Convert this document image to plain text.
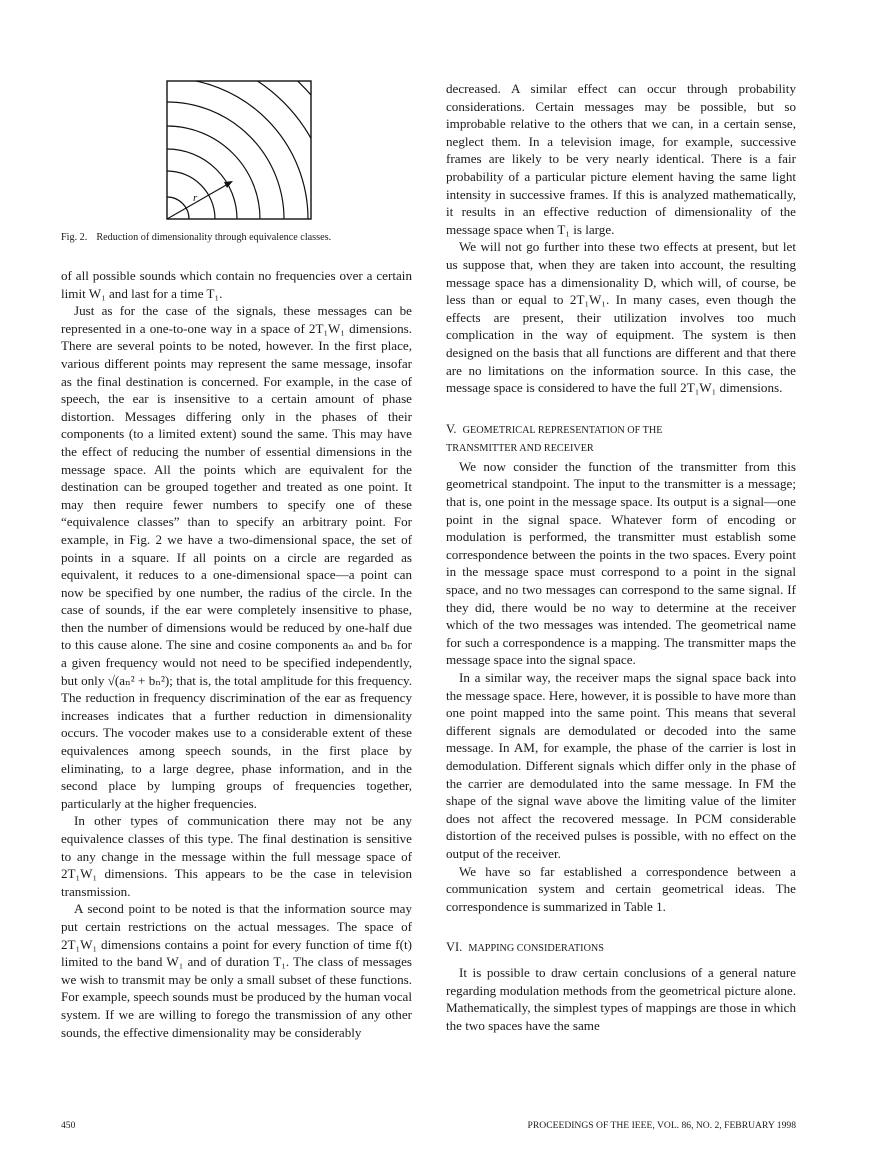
r
Fig. 2. Reduction of dimensionality through equivalence classes.

of all possible sounds which contain no frequencies over a certain limit W₁ and last for a time T₁.

Just as for the case of the signals, these messages can be represented in a one-to-one way in a space of 2T₁W₁ dimensions. There are several points to be noted, however. In the first place, various different points may represent the same message, insofar as the final destination is concerned. For example, in the case of speech, the ear is insensitive to a certain amount of phase distortion. Messages differing only in the phases of their components (to a limited extent) sound the same. This may have the effect of reducing the number of essential dimensions in the message space. All the points which are equivalent for the destination can be grouped together and treated as one point. It may then require fewer numbers to specify one of these “equivalence classes” than to specify an arbitrary point. For example, in Fig. 2 we have a two-dimensional space, the set of points in a square. If all points on a circle are regarded as equivalent, it reduces to a one-dimensional space—a point can now be specified by one number, the radius of the circle. In the case of sounds, if the ear were completely insensitive to phase, then the number of dimensions would be reduced by one-half due to this cause alone. The sine and cosine components aₙ and bₙ for a given frequency would not need to be specified independently, but only √(aₙ² + bₙ²); that is, the total amplitude for this frequency. The reduction in frequency discrimination of the ear as frequency increases indicates that a further reduction in dimensionality occurs. The vocoder makes use to a considerable extent of these equivalences among speech sounds, in the first place by eliminating, to a large degree, phase information, and in the second place by lumping groups of frequencies together, particularly at the higher frequencies.

In other types of communication there may not be any equivalence classes of this type. The final destination is sensitive to any change in the message within the full message space of 2T₁W₁ dimensions. This appears to be the case in television transmission.

A second point to be noted is that the information source may put certain restrictions on the actual messages. The space of 2T₁W₁ dimensions contains a point for every function of time f(t) limited to the band W₁ and of duration T₁. The class of messages we wish to transmit may be only a small subset of these functions. For example, speech sounds must be produced by the human vocal system. If we are willing to forego the transmission of any other sounds, the effective dimensionality may be considerably

decreased. A similar effect can occur through probability considerations. Certain messages may be possible, but so improbable relative to the others that we can, in a certain sense, neglect them. In a television image, for example, successive frames are likely to be very nearly identical. There is a fair probability of a particular picture element having the same light intensity in successive frames. If this is analyzed mathematically, it results in an effective reduction of dimensionality of the message space when T₁ is large.

We will not go further into these two effects at present, but let us suppose that, when they are taken into account, the resulting message space has a dimensionality D, which will, of course, be less than or equal to 2T₁W₁. In many cases, even though the effects are present, their utilization involves too much complication in the way of equipment. The system is then designed on the basis that all functions are different and that there are no limitations on the information source. In this case, the message space is considered to have the full 2T₁W₁ dimensions.

V. GEOMETRICAL REPRESENTATION OF THE
TRANSMITTER AND RECEIVER

We now consider the function of the transmitter from this geometrical standpoint. The input to the transmitter is a message; that is, one point in the message space. Its output is a signal—one point in the signal space. Whatever form of encoding or modulation is performed, the transmitter must establish some correspondence between the points in the two spaces. Every point in the message space must correspond to a point in the signal space, and no two messages can correspond to the same signal. If they did, there would be no way to determine at the receiver which of the two messages was intended. The geometrical name for such a correspondence is a mapping. The transmitter maps the message space into the signal space.

In a similar way, the receiver maps the signal space back into the message space. Here, however, it is possible to have more than one point mapped into the same point. This means that several different signals are demodulated or decoded into the same message. In AM, for example, the phase of the carrier is lost in demodulation. Different signals which differ only in the phase of the carrier are demodulated into the same message. In FM the shape of the signal wave above the limiting value of the limiter does not affect the recovered message. In PCM considerable distortion of the received pulses is possible, with no effect on the output of the receiver.

We have so far established a correspondence between a communication system and certain geometrical ideas. The correspondence is summarized in Table 1.

VI. MAPPING CONSIDERATIONS

It is possible to draw certain conclusions of a general nature regarding modulation methods from the geometrical picture alone. Mathematically, the simplest types of mappings are those in which the two spaces have the same

450	PROCEEDINGS OF THE IEEE, VOL. 86, NO. 2, FEBRUARY 1998
